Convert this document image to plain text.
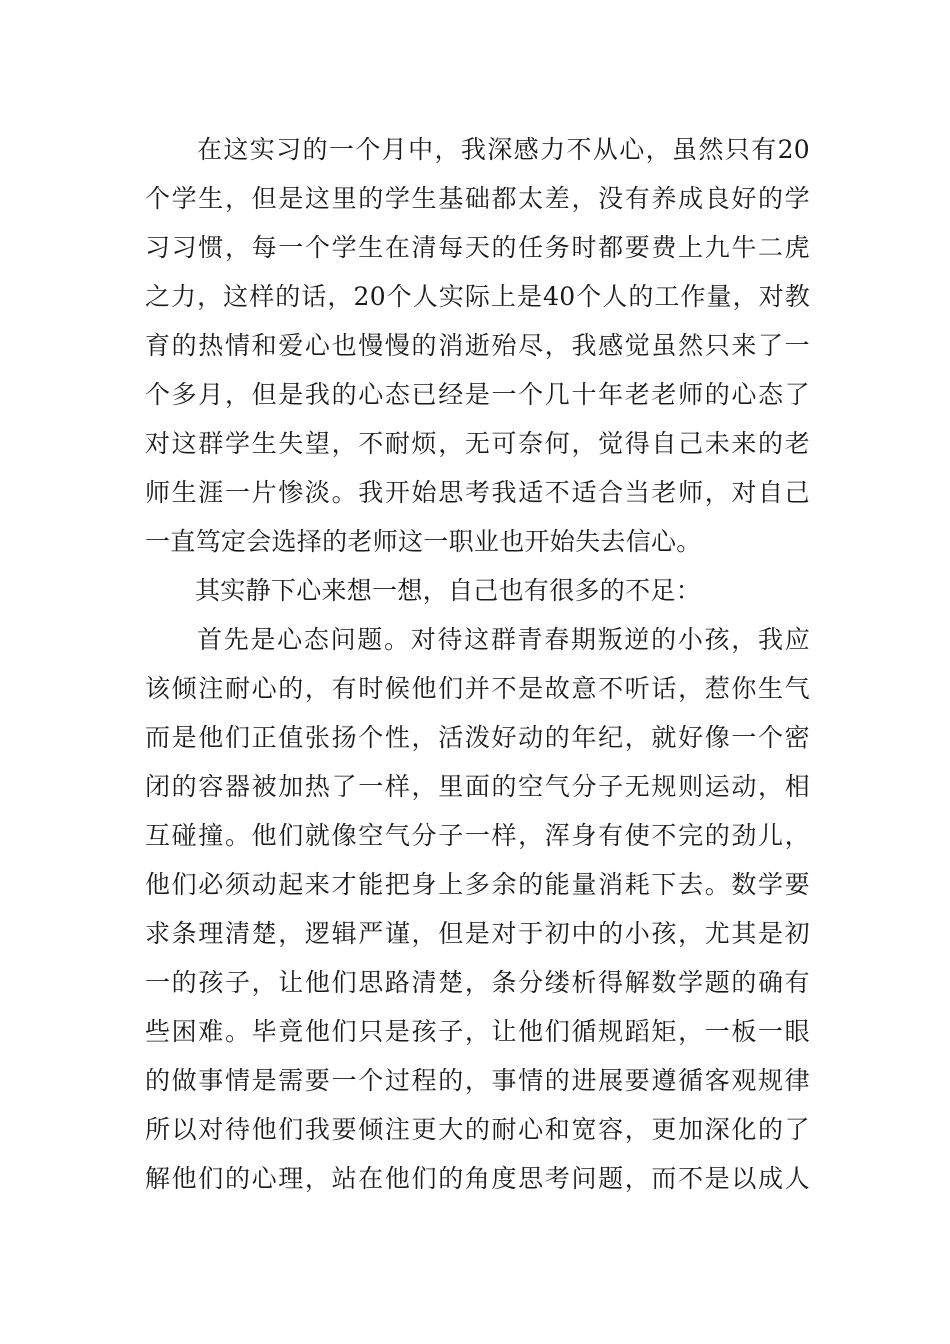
在这实习的一个月中，我深感力不从心，虽然只有20
个学生，但是这里的学生基础都太差，没有养成良好的学
习习惯，每一个学生在清每天的任务时都要费上九牛二虎
之力，这样的话，20个人实际上是40个人的工作量，对教
育的热情和爱心也慢慢的消逝殆尽，我感觉虽然只来了一
个多月，但是我的心态已经是一个几十年老老师的心态了
对这群学生失望，不耐烦，无可奈何，觉得自己未来的老
师生涯一片惨淡。我开始思考我适不适合当老师，对自己
一直笃定会选择的老师这一职业也开始失去信心。
其实静下心来想一想，自己也有很多的不足：
首先是心态问题。对待这群青春期叛逆的小孩，我应
该倾注耐心的，有时候他们并不是故意不听话，惹你生气
而是他们正值张扬个性，活泼好动的年纪，就好像一个密
闭的容器被加热了一样，里面的空气分子无规则运动，相
互碰撞。他们就像空气分子一样，浑身有使不完的劲儿，
他们必须动起来才能把身上多余的能量消耗下去。数学要
求条理清楚，逻辑严谨，但是对于初中的小孩，尤其是初
一的孩子，让他们思路清楚，条分缕析得解数学题的确有
些困难。毕竟他们只是孩子，让他们循规蹈矩，一板一眼
的做事情是需要一个过程的，事情的进展要遵循客观规律
所以对待他们我要倾注更大的耐心和宽容，更加深化的了
解他们的心理，站在他们的角度思考问题，而不是以成人
